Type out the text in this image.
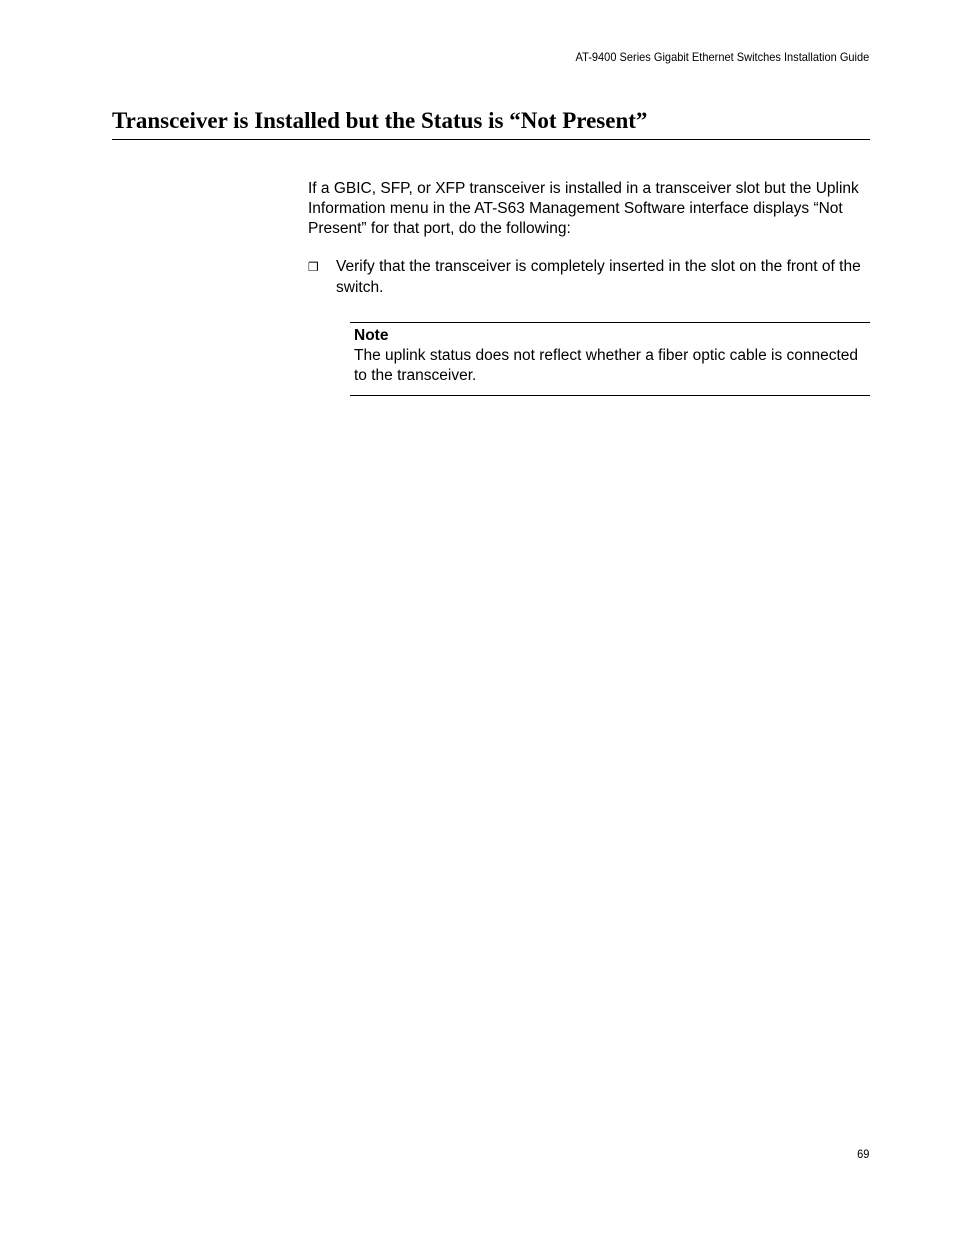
AT-9400 Series Gigabit Ethernet Switches Installation Guide
Transceiver is Installed but the Status is “Not Present”

If a GBIC, SFP, or XFP transceiver is installed in a transceiver slot but the Uplink Information menu in the AT-S63 Management Software interface displays “Not Present” for that port, do the following:

❒	Verify that the transceiver is completely inserted in the slot on the front of the switch.
Note
The uplink status does not reflect whether a fiber optic cable is connected to the transceiver.
69
